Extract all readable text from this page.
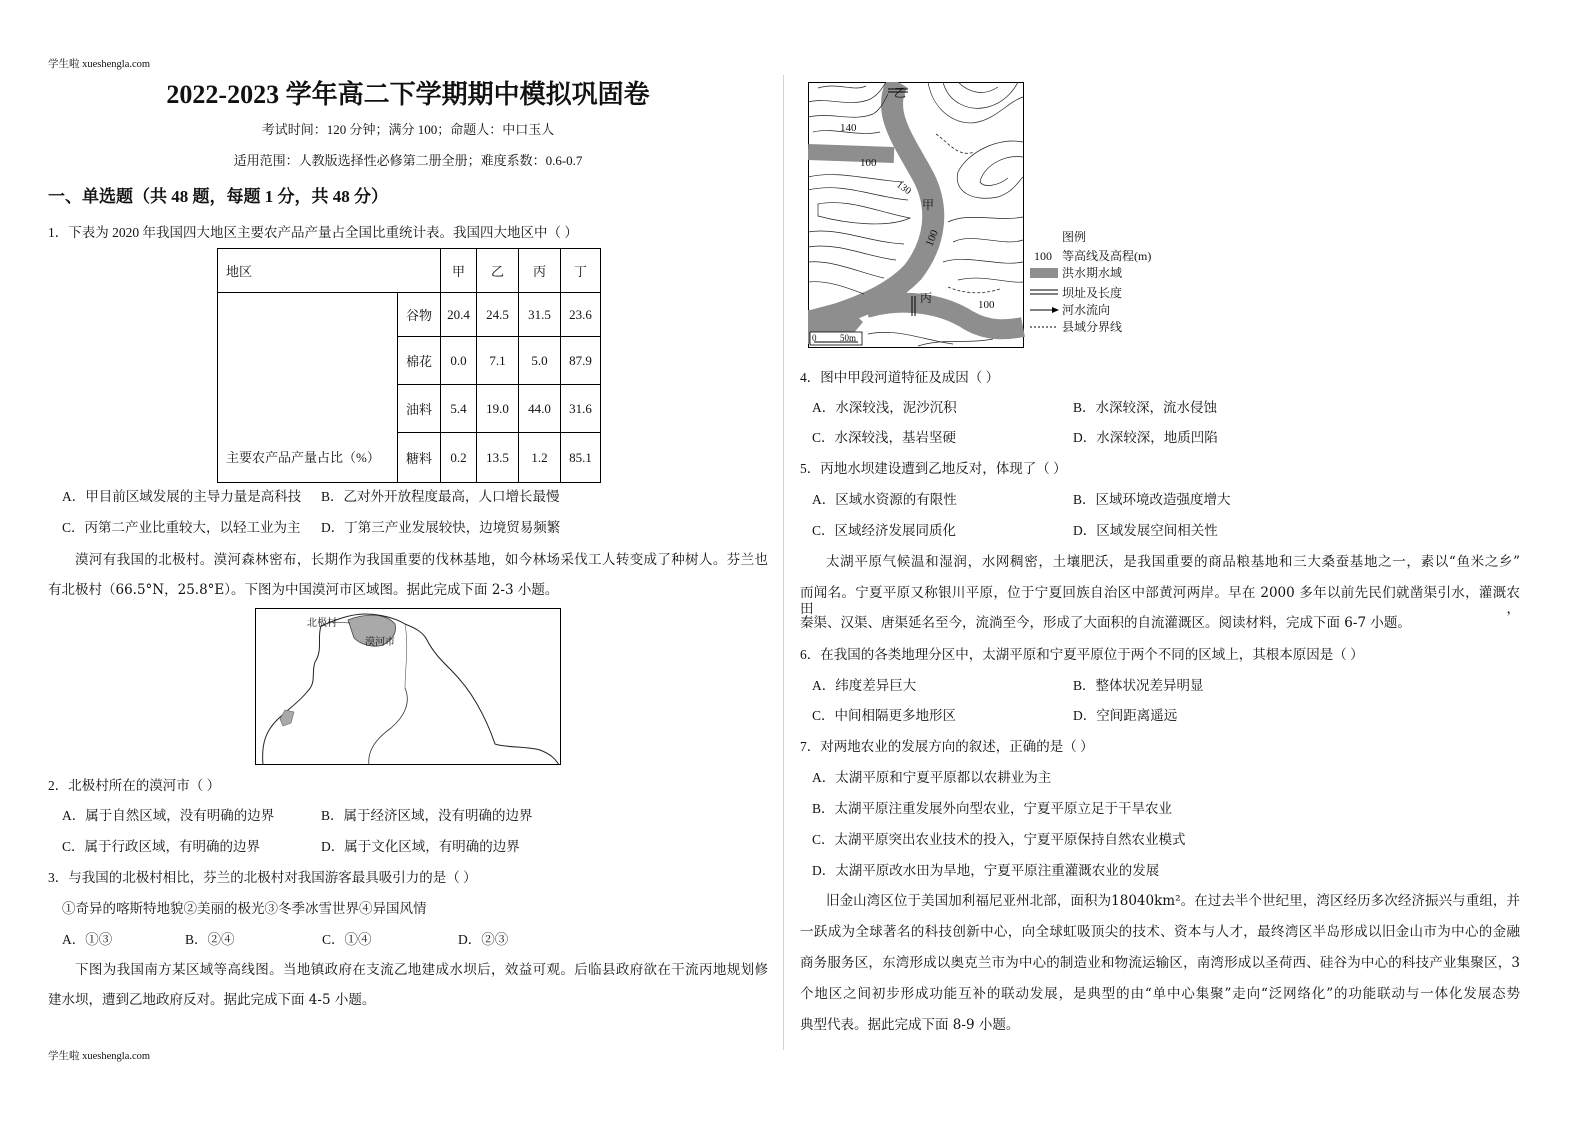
学生啦 xueshengla.com
学生啦 xueshengla.com
2022-2023 学年高二下学期期中模拟巩固卷
考试时间：120 分钟；满分 100；命题人：中口玉人
适用范围：人教版选择性必修第二册全册；难度系数：0.6-0.7
一、单选题（共 48 题，每题 1 分，共 48 分）
1．下表为 2020 年我国四大地区主要农产品产量占全国比重统计表。我国四大地区中（ ）
地区		甲	乙	丙	丁
主要农产品产量占比（%）	谷物	20.4	24.5	31.5	23.6
	棉花	0.0	7.1	5.0	87.9
	油料	5.4	19.0	44.0	31.6
	糖料	0.2	13.5	1.2	85.1
A．甲目前区域发展的主导力量是高科技 B．乙对外开放程度最高，人口增长最慢
C．丙第二产业比重较大，以轻工业为主 D．丁第三产业发展较快，边境贸易频繁
漠河有我国的北极村。漠河森林密布，长期作为我国重要的伐林基地，如今林场采伐工人转变成了种树人。芬兰也
有北极村（66.5°N，25.8°E）。下图为中国漠河市区域图。据此完成下面 2-3 小题。
北极村
漠河市
2．北极村所在的漠河市（ ）
A．属于自然区域，没有明确的边界	B．属于经济区域，没有明确的边界
C．属于行政区域，有明确的边界	D．属于文化区域，有明确的边界
3．与我国的北极村相比，芬兰的北极村对我国游客最具吸引力的是（ ）
①奇异的喀斯特地貌②美丽的极光③冬季冰雪世界④异国风情
A．①③	B．②④	C．①④	D．②③
下图为我国南方某区域等高线图。当地镇政府在支流乙地建成水坝后，效益可观。后临县政府欲在干流丙地规划修
建水坝，遭到乙地政府反对。据此完成下面 4-5 小题。
乙
140
100
130
甲
100
丙	100
0	50m
图例
100 等高线及高程(m)
洪水期水域
坝址及长度
河水流向
县域分界线
4．图中甲段河道特征及成因（ ）
A．水深较浅，泥沙沉积	B．水深较深，流水侵蚀
C．水深较浅，基岩坚硬	D．水深较深，地质凹陷
5．丙地水坝建设遭到乙地反对，体现了（ ）
A．区域水资源的有限性	B．区域环境改造强度增大
C．区域经济发展同质化	D．区域发展空间相关性
太湖平原气候温和湿润，水网稠密，土壤肥沃，是我国重要的商品粮基地和三大桑蚕基地之一，素以“鱼米之乡”
而闻名。宁夏平原又称银川平原，位于宁夏回族自治区中部黄河两岸。早在 2000 多年以前先民们就凿渠引水，灌溉农田，
秦渠、汉渠、唐渠延名至今，流淌至今，形成了大面积的自流灌溉区。阅读材料，完成下面 6-7 小题。
6．在我国的各类地理分区中，太湖平原和宁夏平原位于两个不同的区域上，其根本原因是（ ）
A．纬度差异巨大	B．整体状况差异明显
C．中间相隔更多地形区	D．空间距离遥远
7．对两地农业的发展方向的叙述，正确的是（ ）
A．太湖平原和宁夏平原都以农耕业为主
B．太湖平原注重发展外向型农业，宁夏平原立足于干旱农业
C．太湖平原突出农业技术的投入，宁夏平原保持自然农业模式
D．太湖平原改水田为旱地，宁夏平原注重灌溉农业的发展
旧金山湾区位于美国加利福尼亚州北部，面积为18040km²。在过去半个世纪里，湾区经历多次经济振兴与重组，并
一跃成为全球著名的科技创新中心，向全球虹吸顶尖的技术、资本与人才，最终湾区半岛形成以旧金山市为中心的金融
商务服务区，东湾形成以奥克兰市为中心的制造业和物流运输区，南湾形成以圣荷西、硅谷为中心的科技产业集聚区，3
个地区之间初步形成功能互补的联动发展，是典型的由“单中心集聚”走向“泛网络化”的功能联动与一体化发展态势
典型代表。据此完成下面 8-9 小题。
